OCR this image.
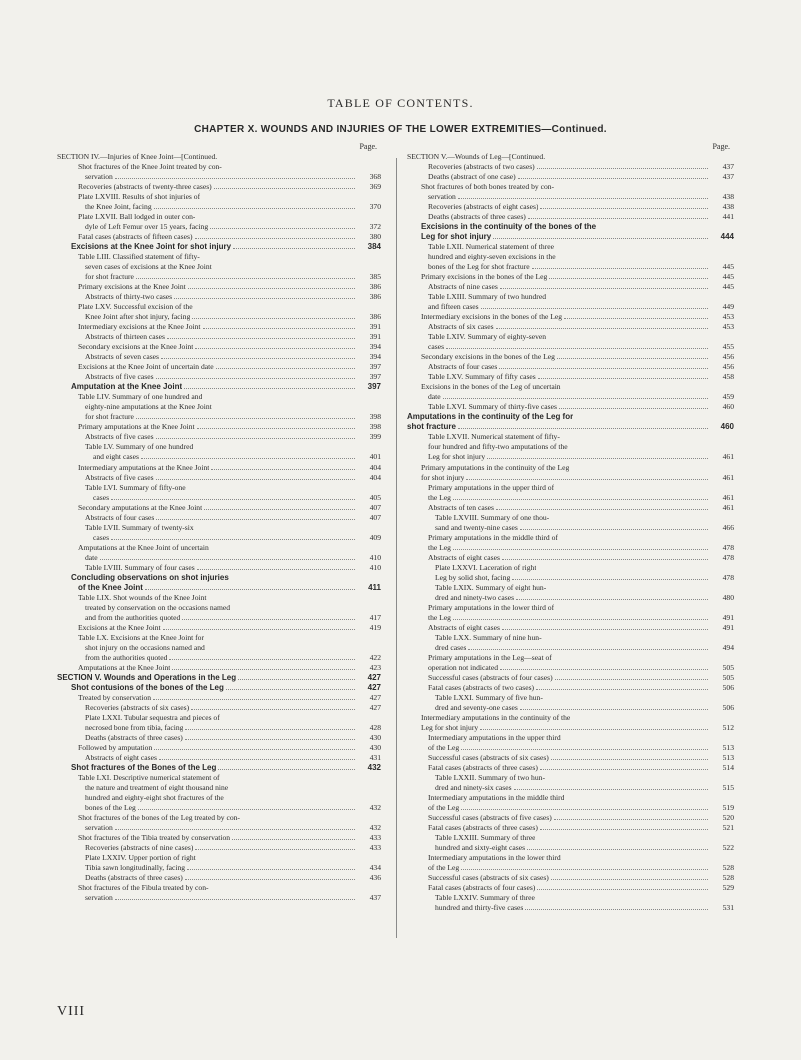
TABLE OF CONTENTS.
CHAPTER X. WOUNDS AND INJURIES OF THE LOWER EXTREMITIES—Continued.
Page.
SECTION IV.—Injuries of Knee Joint—[Continued.
Shot fractures of the Knee Joint treated by con-
servation	368
Recoveries (abstracts of twenty-three cases)	369
Plate LXVIII. Results of shot injuries of
the Knee Joint, facing	370
Plate LXVII. Ball lodged in outer con-
dyle of Left Femur over 15 years, facing	372
Fatal cases (abstracts of fifteen cases)	380
Excisions at the Knee Joint for shot injury	384
Table LIII. Classified statement of fifty-
seven cases of excisions at the Knee Joint
for shot fracture	385
Primary excisions at the Knee Joint	386
Abstracts of thirty-two cases	386
Plate LXV. Successful excision of the
Knee Joint after shot injury, facing	386
Intermediary excisions at the Knee Joint	391
Abstracts of thirteen cases	391
Secondary excisions at the Knee Joint	394
Abstracts of seven cases	394
Excisions at the Knee Joint of uncertain date	397
Abstracts of five cases	397
Amputation at the Knee Joint	397
Table LIV. Summary of one hundred and
eighty-nine amputations at the Knee Joint
for shot fracture	398
Primary amputations at the Knee Joint	398
Abstracts of five cases	399
Table LV. Summary of one hundred
and eight cases	401
Intermediary amputations at the Knee Joint	404
Abstracts of five cases	404
Table LVI. Summary of fifty-one
cases	405
Secondary amputations at the Knee Joint	407
Abstracts of four cases	407
Table LVII. Summary of twenty-six
cases	409
Amputations at the Knee Joint of uncertain
date	410
Table LVIII. Summary of four cases	410
Concluding observations on shot injuries
of the Knee Joint	411
Table LIX. Shot wounds of the Knee Joint
treated by conservation on the occasions named
and from the authorities quoted	417
Excisions at the Knee Joint	419
Table LX. Excisions at the Knee Joint for
shot injury on the occasions named and
from the authorities quoted	422
Amputations at the Knee Joint	423
SECTION V. Wounds and Operations in the Leg	427
Shot contusions of the bones of the Leg	427
Treated by conservation	427
Recoveries (abstracts of six cases)	427
Plate LXXI. Tubular sequestra and pieces of
necrosed bone from tibia, facing	428
Deaths (abstracts of three cases)	430
Followed by amputation	430
Abstracts of eight cases	431
Shot fractures of the Bones of the Leg	432
Table LXI. Descriptive numerical statement of
the nature and treatment of eight thousand nine
hundred and eighty-eight shot fractures of the
bones of the Leg	432
Shot fractures of the bones of the Leg treated by con-
servation	432
Shot fractures of the Tibia treated by conservation	433
Recoveries (abstracts of nine cases)	433
Plate LXXIV. Upper portion of right
Tibia sawn longitudinally, facing	434
Deaths (abstracts of three cases)	436
Shot fractures of the Fibula treated by con-
servation	437
Page.
SECTION V.—Wounds of Leg—[Continued.
Recoveries (abstracts of two cases)	437
Deaths (abstract of one case)	437
Shot fractures of both bones treated by con-
servation	438
Recoveries (abstracts of eight cases)	438
Deaths (abstracts of three cases)	441
Excisions in the continuity of the bones of the
Leg for shot injury	444
Table LXII. Numerical statement of three
hundred and eighty-seven excisions in the
bones of the Leg for shot fracture	445
Primary excisions in the bones of the Leg	445
Abstracts of nine cases	445
Table LXIII. Summary of two hundred
and fifteen cases	449
Intermediary excisions in the bones of the Leg	453
Abstracts of six cases	453
Table LXIV. Summary of eighty-seven
cases	455
Secondary excisions in the bones of the Leg	456
Abstracts of four cases	456
Table LXV. Summary of fifty cases	458
Excisions in the bones of the Leg of uncertain
date	459
Table LXVI. Summary of thirty-five cases	460
Amputations in the continuity of the Leg for
shot fracture	460
Table LXVII. Numerical statement of fifty-
four hundred and fifty-two amputations of the
Leg for shot injury	461
Primary amputations in the continuity of the Leg
for shot injury	461
Primary amputations in the upper third of
the Leg	461
Abstracts of ten cases	461
Table LXVIII. Summary of one thou-
sand and twenty-nine cases	466
Primary amputations in the middle third of
the Leg	478
Abstracts of eight cases	478
Plate LXXVI. Laceration of right
Leg by solid shot, facing	478
Table LXIX. Summary of eight hun-
dred and ninety-two cases	480
Primary amputations in the lower third of
the Leg	491
Abstracts of eight cases	491
Table LXX. Summary of nine hun-
dred cases	494
Primary amputations in the Leg—seat of
operation not indicated	505
Successful cases (abstracts of four cases)	505
Fatal cases (abstracts of two cases)	506
Table LXXI. Summary of five hun-
dred and seventy-one cases	506
Intermediary amputations in the continuity of the
Leg for shot injury	512
Intermediary amputations in the upper third
of the Leg	513
Successful cases (abstracts of six cases)	513
Fatal cases (abstracts of three cases)	514
Table LXXII. Summary of two hun-
dred and ninety-six cases	515
Intermediary amputations in the middle third
of the Leg	519
Successful cases (abstracts of five cases)	520
Fatal cases (abstracts of three cases)	521
Table LXXIII. Summary of three
hundred and sixty-eight cases	522
Intermediary amputations in the lower third
of the Leg	528
Successful cases (abstracts of six cases)	528
Fatal cases (abstracts of four cases)	529
Table LXXIV. Summary of three
hundred and thirty-five cases	531
VIII
